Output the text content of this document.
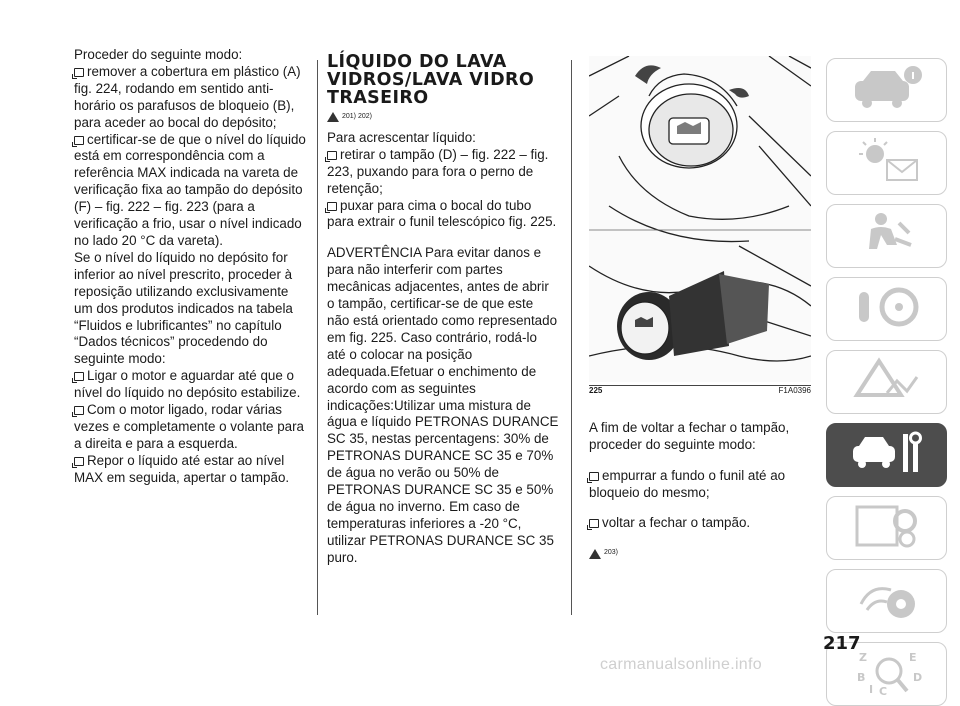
Proceder do seguinte modo:

remover a cobertura em plástico (A) fig. 224, rodando em sentido anti-horário os parafusos de bloqueio (B), para aceder ao bocal do depósito;

certificar-se de que o nível do líquido está em correspondência com a referência MAX indicada na vareta de verificação fixa ao tampão do depósito (F) – fig. 222 – fig. 223 (para a verificação a frio, usar o nível indicado no lado 20 °C da vareta).

Se o nível do líquido no depósito for inferior ao nível prescrito, proceder à reposição utilizando exclusivamente um dos produtos indicados na tabela “Fluidos e lubrificantes” no capítulo “Dados técnicos” procedendo do seguinte modo:

Ligar o motor e aguardar até que o nível do líquido no depósito estabilize.

Com o motor ligado, rodar várias vezes e completamente o volante para a direita e para a esquerda.

Repor o líquido até estar ao nível MAX em seguida, apertar o tampão.

LÍQUIDO DO LAVA VIDROS/LAVA VIDRO TRASEIRO
201) 202)

Para acrescentar líquido:

retirar o tampão (D) – fig. 222 – fig. 223, puxando para fora o perno de retenção;

puxar para cima o bocal do tubo para extrair o funil telescópico fig. 225.

ADVERTÊNCIA Para evitar danos e para não interferir com partes mecânicas adjacentes, antes de abrir o tampão, certificar-se de que este não está orientado como representado em fig. 225. Caso contrário, rodá-lo até o colocar na posição adequada.Efetuar o enchimento de acordo com as seguintes indicações:Utilizar uma mistura de água e líquido PETRONAS DURANCE SC 35, nestas percentagens: 30% de PETRONAS DURANCE SC 35 e 70% de água no verão ou 50% de PETRONAS DURANCE SC 35 e 50% de água no inverno. Em caso de temperaturas inferiores a -20 °C, utilizar PETRONAS DURANCE SC 35 puro.

225	F1A0396

A fim de voltar a fechar o tampão, proceder do seguinte modo:

empurrar a fundo o funil até ao bloqueio do mesmo;

voltar a fechar o tampão.

203)
Z	E
B	D
I C
217
carmanualsonline.info
